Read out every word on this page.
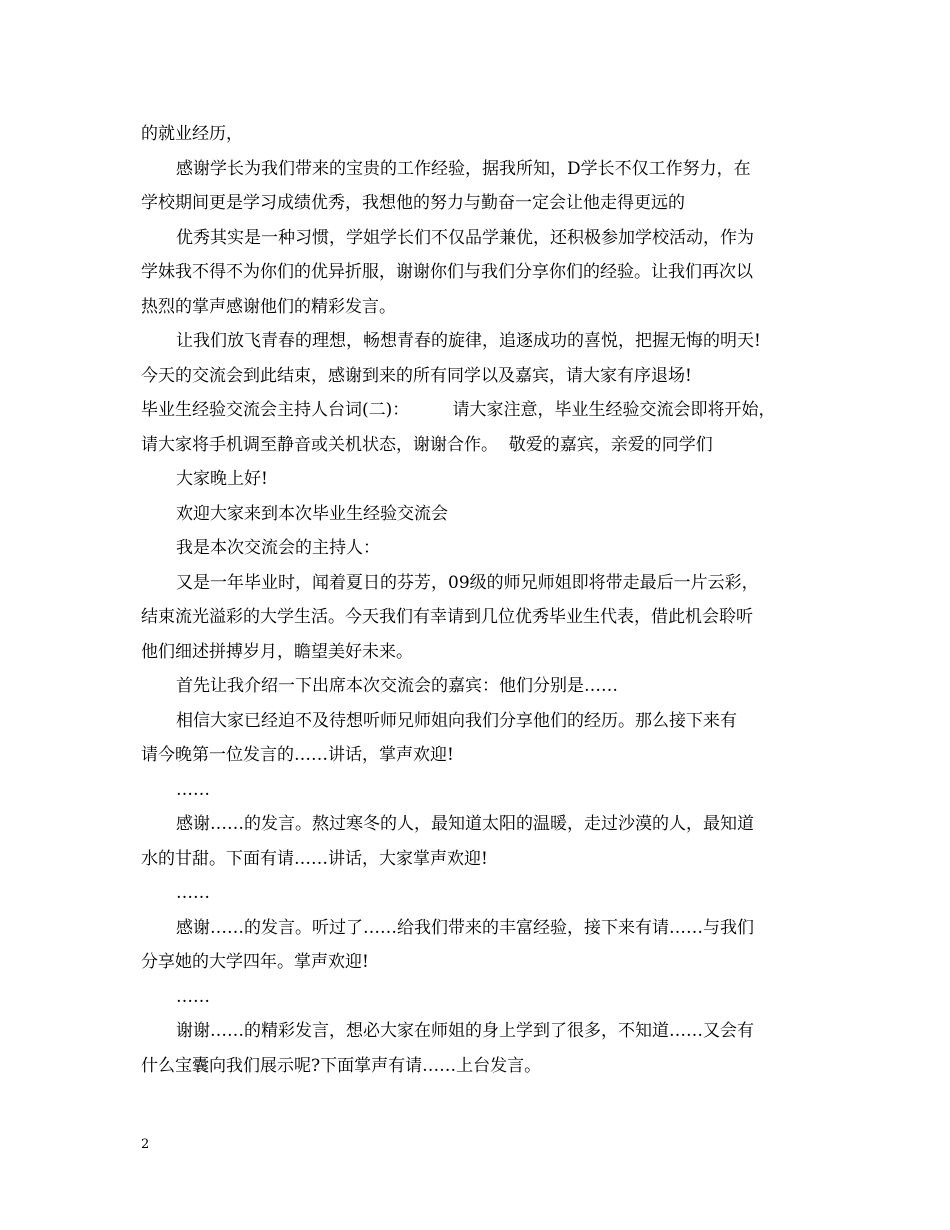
的就业经历，
感谢学长为我们带来的宝贵的工作经验，据我所知，D学长不仅工作努力，在
学校期间更是学习成绩优秀，我想他的努力与勤奋一定会让他走得更远的
优秀其实是一种习惯，学姐学长们不仅品学兼优，还积极参加学校活动，作为
学妹我不得不为你们的优异折服，谢谢你们与我们分享你们的经验。让我们再次以
热烈的掌声感谢他们的精彩发言。
让我们放飞青春的理想，畅想青春的旋律，追逐成功的喜悦，把握无悔的明天!
今天的交流会到此结束，感谢到来的所有同学以及嘉宾，请大家有序退场!
毕业生经验交流会主持人台词(二)：        请大家注意，毕业生经验交流会即将开始，
请大家将手机调至静音或关机状态，谢谢合作。  敬爱的嘉宾，亲爱的同学们
大家晚上好!
欢迎大家来到本次毕业生经验交流会
我是本次交流会的主持人：
又是一年毕业时，闻着夏日的芬芳，09级的师兄师姐即将带走最后一片云彩，
结束流光溢彩的大学生活。今天我们有幸请到几位优秀毕业生代表，借此机会聆听
他们细述拼搏岁月，瞻望美好未来。
首先让我介绍一下出席本次交流会的嘉宾：他们分别是……
相信大家已经迫不及待想听师兄师姐向我们分享他们的经历。那么接下来有
请今晚第一位发言的……讲话，掌声欢迎!
……
感谢……的发言。熬过寒冬的人，最知道太阳的温暖，走过沙漠的人，最知道
水的甘甜。下面有请……讲话，大家掌声欢迎!
……
感谢……的发言。听过了……给我们带来的丰富经验，接下来有请……与我们
分享她的大学四年。掌声欢迎!
……
谢谢……的精彩发言，想必大家在师姐的身上学到了很多，不知道……又会有
什么宝囊向我们展示呢?下面掌声有请……上台发言。
2
